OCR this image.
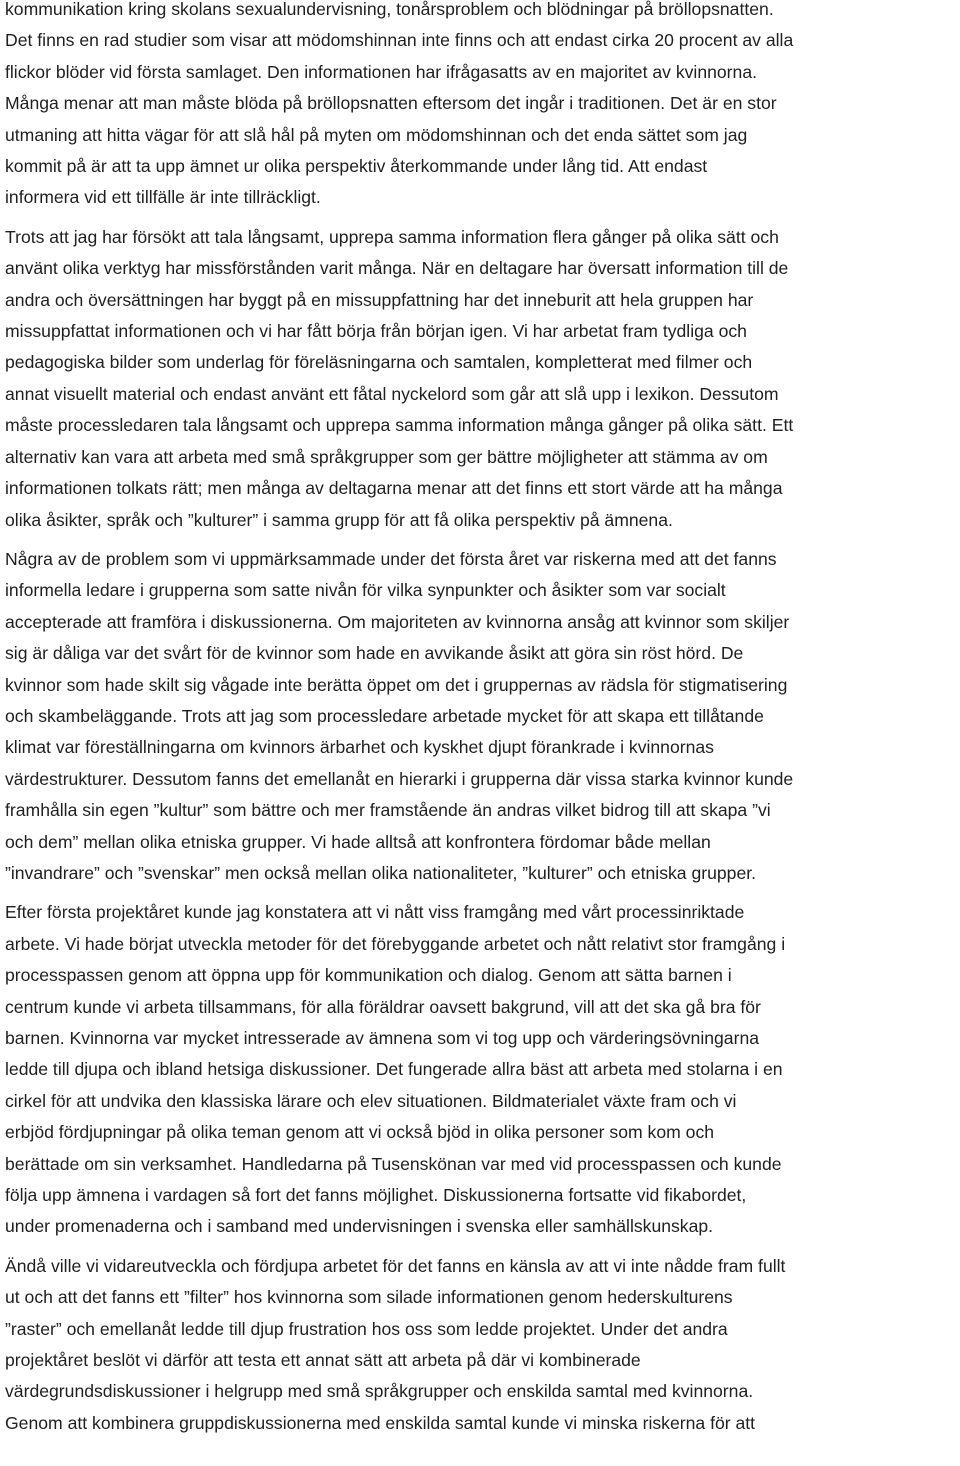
kommunikation kring skolans sexualundervisning, tonårsproblem och blödningar på bröllopsnatten.
Det finns en rad studier som visar att mödomshinnan inte finns och att endast cirka 20 procent av alla
flickor blöder vid första samlaget. Den informationen har ifrågasatts av en majoritet av kvinnorna.
Många menar att man måste blöda på bröllopsnatten eftersom det ingår i traditionen. Det är en stor
utmaning att hitta vägar för att slå hål på myten om mödomshinnan och det enda sättet som jag
kommit på är att ta upp ämnet ur olika perspektiv återkommande under lång tid. Att endast
informera vid ett tillfälle är inte tillräckligt.
Trots att jag har försökt att tala långsamt, upprepa samma information flera gånger på olika sätt och
använt olika verktyg har missförstånden varit många. När en deltagare har översatt information till de
andra och översättningen har byggt på en missuppfattning har det inneburit att hela gruppen har
missuppfattat informationen och vi har fått börja från början igen. Vi har arbetat fram tydliga och
pedagogiska bilder som underlag för föreläsningarna och samtalen, kompletterat med filmer och
annat visuellt material och endast använt ett fåtal nyckelord som går att slå upp i lexikon. Dessutom
måste processledaren tala långsamt och upprepa samma information många gånger på olika sätt. Ett
alternativ kan vara att arbeta med små språkgrupper som ger bättre möjligheter att stämma av om
informationen tolkats rätt; men många av deltagarna menar att det finns ett stort värde att ha många
olika åsikter, språk och ”kulturer” i samma grupp för att få olika perspektiv på ämnena.
Några av de problem som vi uppmärksammade under det första året var riskerna med att det fanns
informella ledare i grupperna som satte nivån för vilka synpunkter och åsikter som var socialt
accepterade att framföra i diskussionerna. Om majoriteten av kvinnorna ansåg att kvinnor som skiljer
sig är dåliga var det svårt för de kvinnor som hade en avvikande åsikt att göra sin röst hörd. De
kvinnor som hade skilt sig vågade inte berätta öppet om det i gruppernas av rädsla för stigmatisering
och skambeläggande. Trots att jag som processledare arbetade mycket för att skapa ett tillåtande
klimat var föreställningarna om kvinnors ärbarhet och kyskhet djupt förankrade i kvinnornas
värdestrukturer. Dessutom fanns det emellanåt en hierarki i grupperna där vissa starka kvinnor kunde
framhålla sin egen ”kultur” som bättre och mer framstående än andras vilket bidrog till att skapa ”vi
och dem” mellan olika etniska grupper. Vi hade alltså att konfrontera fördomar både mellan
”invandrare” och ”svenskar” men också mellan olika nationaliteter, ”kulturer” och etniska grupper.
Efter första projektåret kunde jag konstatera att vi nått viss framgång med vårt processinriktade
arbete. Vi hade börjat utveckla metoder för det förebyggande arbetet och nått relativt stor framgång i
processpassen genom att öppna upp för kommunikation och dialog. Genom att sätta barnen i
centrum kunde vi arbeta tillsammans, för alla föräldrar oavsett bakgrund, vill att det ska gå bra för
barnen. Kvinnorna var mycket intresserade av ämnena som vi tog upp och värderingsövningarna
ledde till djupa och ibland hetsiga diskussioner. Det fungerade allra bäst att arbeta med stolarna i en
cirkel för att undvika den klassiska lärare och elev situationen. Bildmaterialet växte fram och vi
erbjöd fördjupningar på olika teman genom att vi också bjöd in olika personer som kom och
berättade om sin verksamhet. Handledarna på Tusenskönan var med vid processpassen och kunde
följa upp ämnena i vardagen så fort det fanns möjlighet. Diskussionerna fortsatte vid fikabordet,
under promenaderna och i samband med undervisningen i svenska eller samhällskunskap.
Ändå ville vi vidareutveckla och fördjupa arbetet för det fanns en känsla av att vi inte nådde fram fullt
ut och att det fanns ett ”filter” hos kvinnorna som silade informationen genom hederskulturens
”raster” och emellanåt ledde till djup frustration hos oss som ledde projektet. Under det andra
projektåret beslöt vi därför att testa ett annat sätt att arbeta på där vi kombinerade
värdegrundsdiskussioner i helgrupp med små språkgrupper och enskilda samtal med kvinnorna.
Genom att kombinera gruppdiskussionerna med enskilda samtal kunde vi minska riskerna för att
